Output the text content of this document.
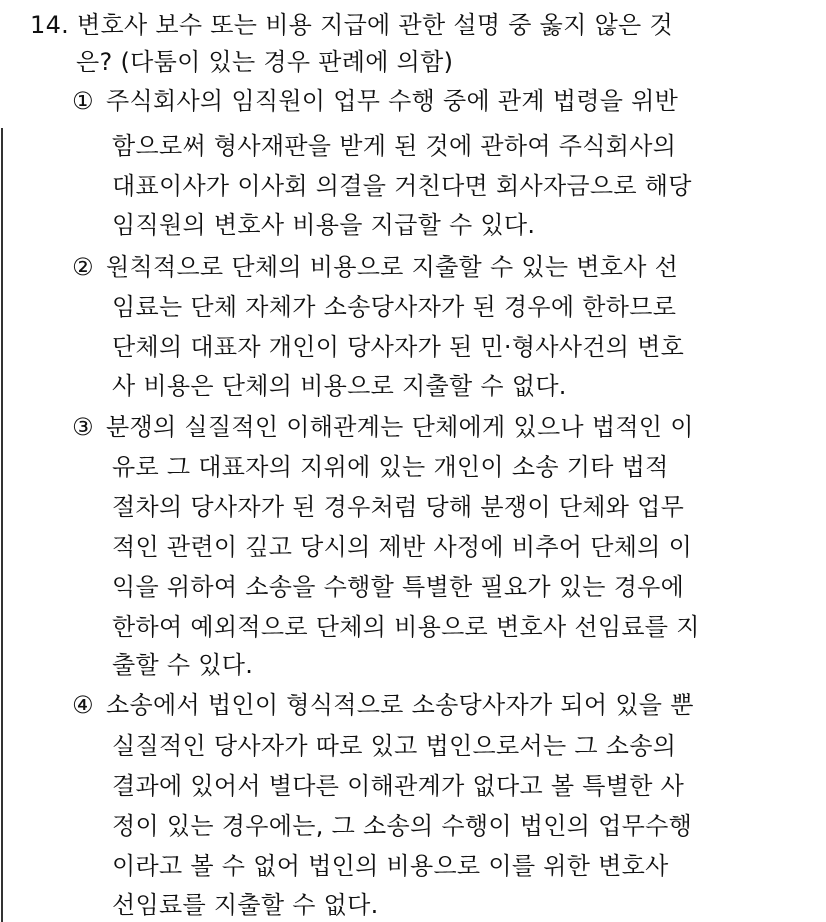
14. 변호사 보수 또는 비용 지급에 관한 설명 중 옳지 않은 것
은? (다툼이 있는 경우 판례에 의함)
① 주식회사의 임직원이 업무 수행 중에 관계 법령을 위반
함으로써 형사재판을 받게 된 것에 관하여 주식회사의
대표이사가 이사회 의결을 거친다면 회사자금으로 해당
임직원의 변호사 비용을 지급할 수 있다.
② 원칙적으로 단체의 비용으로 지출할 수 있는 변호사 선
임료는 단체 자체가 소송당사자가 된 경우에 한하므로
단체의 대표자 개인이 당사자가 된 민·형사사건의 변호
사 비용은 단체의 비용으로 지출할 수 없다.
③ 분쟁의 실질적인 이해관계는 단체에게 있으나 법적인 이
유로 그 대표자의 지위에 있는 개인이 소송 기타 법적
절차의 당사자가 된 경우처럼 당해 분쟁이 단체와 업무
적인 관련이 깊고 당시의 제반 사정에 비추어 단체의 이
익을 위하여 소송을 수행할 특별한 필요가 있는 경우에
한하여 예외적으로 단체의 비용으로 변호사 선임료를 지
출할 수 있다.
④ 소송에서 법인이 형식적으로 소송당사자가 되어 있을 뿐
실질적인 당사자가 따로 있고 법인으로서는 그 소송의
결과에 있어서 별다른 이해관계가 없다고 볼 특별한 사
정이 있는 경우에는, 그 소송의 수행이 법인의 업무수행
이라고 볼 수 없어 법인의 비용으로 이를 위한 변호사
선임료를 지출할 수 없다.
